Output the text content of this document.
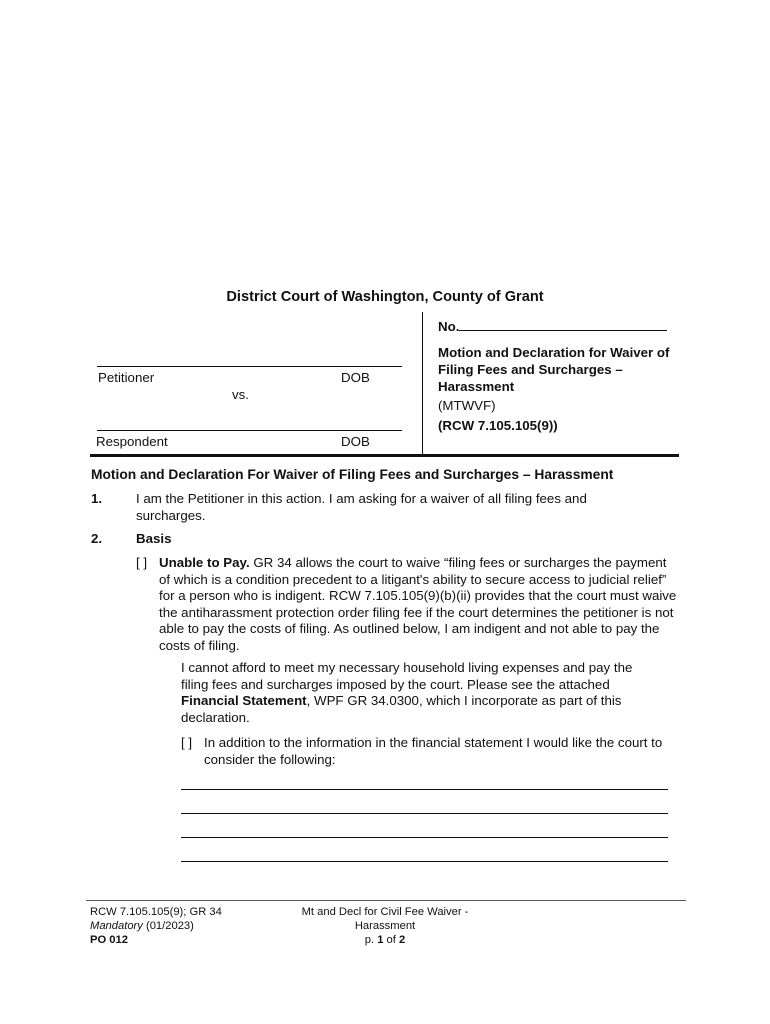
District Court of Washington, County of Grant
No.
Petitioner	DOB
vs.
Respondent	DOB
Motion and Declaration for Waiver of Filing Fees and Surcharges – Harassment
(MTWVF)
(RCW 7.105.105(9))
Motion and Declaration For Waiver of Filing Fees and Surcharges – Harassment
1.	I am the Petitioner in this action. I am asking for a waiver of all filing fees and surcharges.
2.	Basis
[ ] Unable to Pay. GR 34 allows the court to waive “filing fees or surcharges the payment of which is a condition precedent to a litigant's ability to secure access to judicial relief” for a person who is indigent. RCW 7.105.105(9)(b)(ii) provides that the court must waive the antiharassment protection order filing fee if the court determines the petitioner is not able to pay the costs of filing. As outlined below, I am indigent and not able to pay the costs of filing.
I cannot afford to meet my necessary household living expenses and pay the filing fees and surcharges imposed by the court. Please see the attached Financial Statement, WPF GR 34.0300, which I incorporate as part of this declaration.
[ ] In addition to the information in the financial statement I would like the court to consider the following:
RCW 7.105.105(9); GR 34
Mandatory (01/2023)
PO 012
Mt and Decl for Civil Fee Waiver - Harassment
p. 1 of 2
